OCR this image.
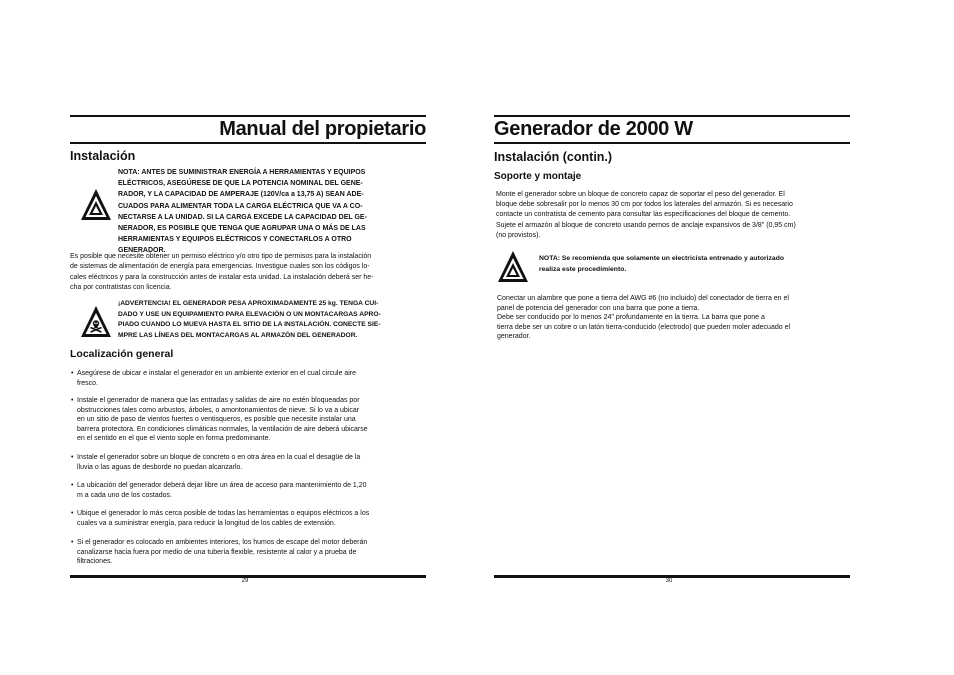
Manual del propietario
Instalación
NOTA: ANTES DE SUMINISTRAR ENERGÍA A HERRAMIENTAS Y EQUIPOS
ELÉCTRICOS, ASEGÚRESE DE QUE LA POTENCIA NOMINAL DEL GENE-
RADOR, Y LA CAPACIDAD DE AMPERAJE (120V/ca a 13,75 A) SEAN ADE-
CUADOS PARA ALIMENTAR TODA LA CARGA ELÉCTRICA QUE VA A CO-
NECTARSE A LA UNIDAD. SI LA CARGA EXCEDE LA CAPACIDAD DEL GE-
NERADOR, ES POSIBLE QUE TENGA QUE AGRUPAR UNA O MÁS DE LAS
HERRAMIENTAS Y EQUIPOS ELÉCTRICOS Y CONECTARLOS A OTRO
GENERADOR.
Es posible que necesite obtener un permiso eléctrico y/o otro tipo de permisos para la instalación
de sistemas de alimentación de energía para emergencias. Investigue cuales son los códigos lo-
cales eléctricos y para la construcción antes de instalar esta unidad. La instalación deberá ser he-
cha por contratistas con licencia.
¡ADVERTENCIA! EL GENERADOR PESA APROXIMADAMENTE 25 kg. TENGA CUI-
DADO Y USE UN EQUIPAMIENTO PARA ELEVACIÓN O UN MONTACARGAS APRO-
PIADO CUANDO LO MUEVA HASTA EL SITIO DE LA INSTALACIÓN. CONECTE SIE-
MPRE LAS LÍNEAS DEL MONTACARGAS AL ARMAZÓN DEL GENERADOR.
Localización general
• Asegúrese de ubicar e instalar el generador en un ambiente exterior en el cual circule aire
fresco.
• Instale el generador de manera que las entradas y salidas de aire no estén bloqueadas por
obstrucciones tales como arbustos, árboles, o amontonamientos de nieve. Si lo va a ubicar
en un sitio de paso de vientos fuertes o ventisqueros, es posible que necesite instalar una
barrera protectora. En condiciones climáticas normales, la ventilación de aire deberá ubicarse
en el sentido en el que el viento sople en forma predominante.
• Instale el generador sobre un bloque de concreto o en otra área en la cual el desagüe de la
lluvia o las aguas de desborde no puedan alcanzarlo.
• La ubicación del generador deberá dejar libre un área de acceso para mantenimiento de 1,20
m a cada uno de los costados.
• Ubique el generador lo más cerca posible de todas las herramientas o equipos eléctricos a los
cuales va a suministrar energía, para reducir la longitud de los cables de extensión.
• Si el generador es colocado en ambientes interiores, los humos de escape del motor deberán
canalizarse hacia fuera por medio de una tubería flexible, resistente al calor y a prueba de
filtraciones.
29
Generador de 2000 W
Instalación (contin.)
Soporte y montaje
Monte el generador sobre un bloque de concreto capaz de soportar el peso del generador. El
bloque debe sobresalir por lo menos 30 cm por todos los laterales del armazón. Si es necesario
contacte un contratista de cemento para consultar las especificaciones del bloque de cemento.
Sujete el armazón al bloque de concreto usando pernos de anclaje expansivos de 3/8" (0,95 cm)
(no provistos).
NOTA: Se recomienda que solamente un electricista entrenado y autorizado
realiza este procedimiento.
Conectar un alambre que pone a tierra del AWG #6 (no incluido) del conectador de tierra en el
panel de potencia del generador con una barra que pone a tierra.
Debe ser conducido por lo menos 24" profundamente en la tierra. La barra que pone a
tierra debe ser un cobre o un latón tierra-conducido (electrodo) que pueden moler adecuado el
generador.
30
